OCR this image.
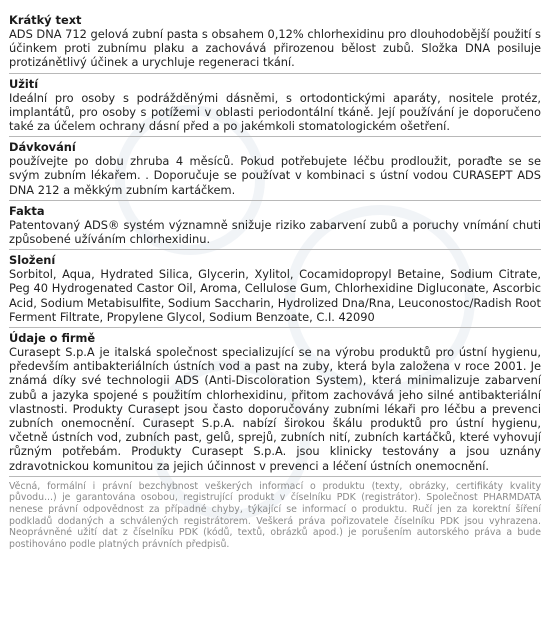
Krátký text
ADS DNA 712 gelová zubní pasta s obsahem 0,12% chlorhexidinu pro dlouhodobější použití s účinkem proti zubnímu plaku a zachovává přirozenou bělost zubů. Složka DNA posiluje protizánětlivý účinek a urychluje regeneraci tkání.
Užití
Ideální pro osoby s podrážděnými dásněmi, s ortodontickými aparáty, nositele protéz, implantátů, pro osoby s potížemi v oblasti periodontální tkáně. Její používání je doporučeno také za účelem ochrany dásní před a po jakémkoli stomatologickém ošetření.
Dávkování
používejte po dobu zhruba 4 měsíců. Pokud potřebujete léčbu prodloužit, poraďte se se svým zubním lékařem. . Doporučuje se používat v kombinaci s ústní vodou CURASEPT ADS DNA 212 a měkkým zubním kartáčkem.
Fakta
Patentovaný ADS® systém významně snižuje riziko zabarvení zubů a poruchy vnímání chuti způsobené užíváním chlorhexidinu.
Složení
Sorbitol, Aqua, Hydrated Silica, Glycerin, Xylitol, Cocamidopropyl Betaine, Sodium Citrate, Peg 40 Hydrogenated Castor Oil, Aroma, Cellulose Gum, Chlorhexidine Digluconate, Ascorbic Acid, Sodium Metabisulfite, Sodium Saccharin, Hydrolized Dna/Rna, Leuconostoc/Radish Root Ferment Filtrate, Propylene Glycol, Sodium Benzoate, C.I. 42090
Údaje o firmě
Curasept S.p.A je italská společnost specializující se na výrobu produktů pro ústní hygienu, především antibakteriálních ústních vod a past na zuby, která byla založena v roce 2001. Je známá díky své technologii ADS (Anti-Discoloration System), která minimalizuje zabarvení zubů a jazyka spojené s použitím chlorhexidinu, přitom zachovává jeho silné antibakteriální vlastnosti. Produkty Curasept jsou často doporučovány zubními lékaři pro léčbu a prevenci zubních onemocnění. Curasept S.p.A. nabízí širokou škálu produktů pro ústní hygienu, včetně ústních vod, zubních past, gelů, sprejů, zubních nití, zubních kartáčků, které vyhovují různým potřebám. Produkty Curasept S.p.A. jsou klinicky testovány a jsou uznány zdravotnickou komunitou za jejich účinnost v prevenci a léčení ústních onemocnění.
Věcná, formální i právní bezchybnost veškerých informací o produktu (texty, obrázky, certifikáty kvality původu...) je garantována osobou, registrující produkt v číselníku PDK (registrátor). Společnost PHARMDATA nenese právní odpovědnost za případné chyby, týkající se informací o produktu. Ručí jen za korektní šíření podkladů dodaných a schválených registrátorem. Veškerá práva pořizovatele číselníku PDK jsou vyhrazena. Neoprávněné užití dat z číselníku PDK (kódů, textů, obrázků apod.) je porušením autorského práva a bude postihováno podle platných právních předpisů.
